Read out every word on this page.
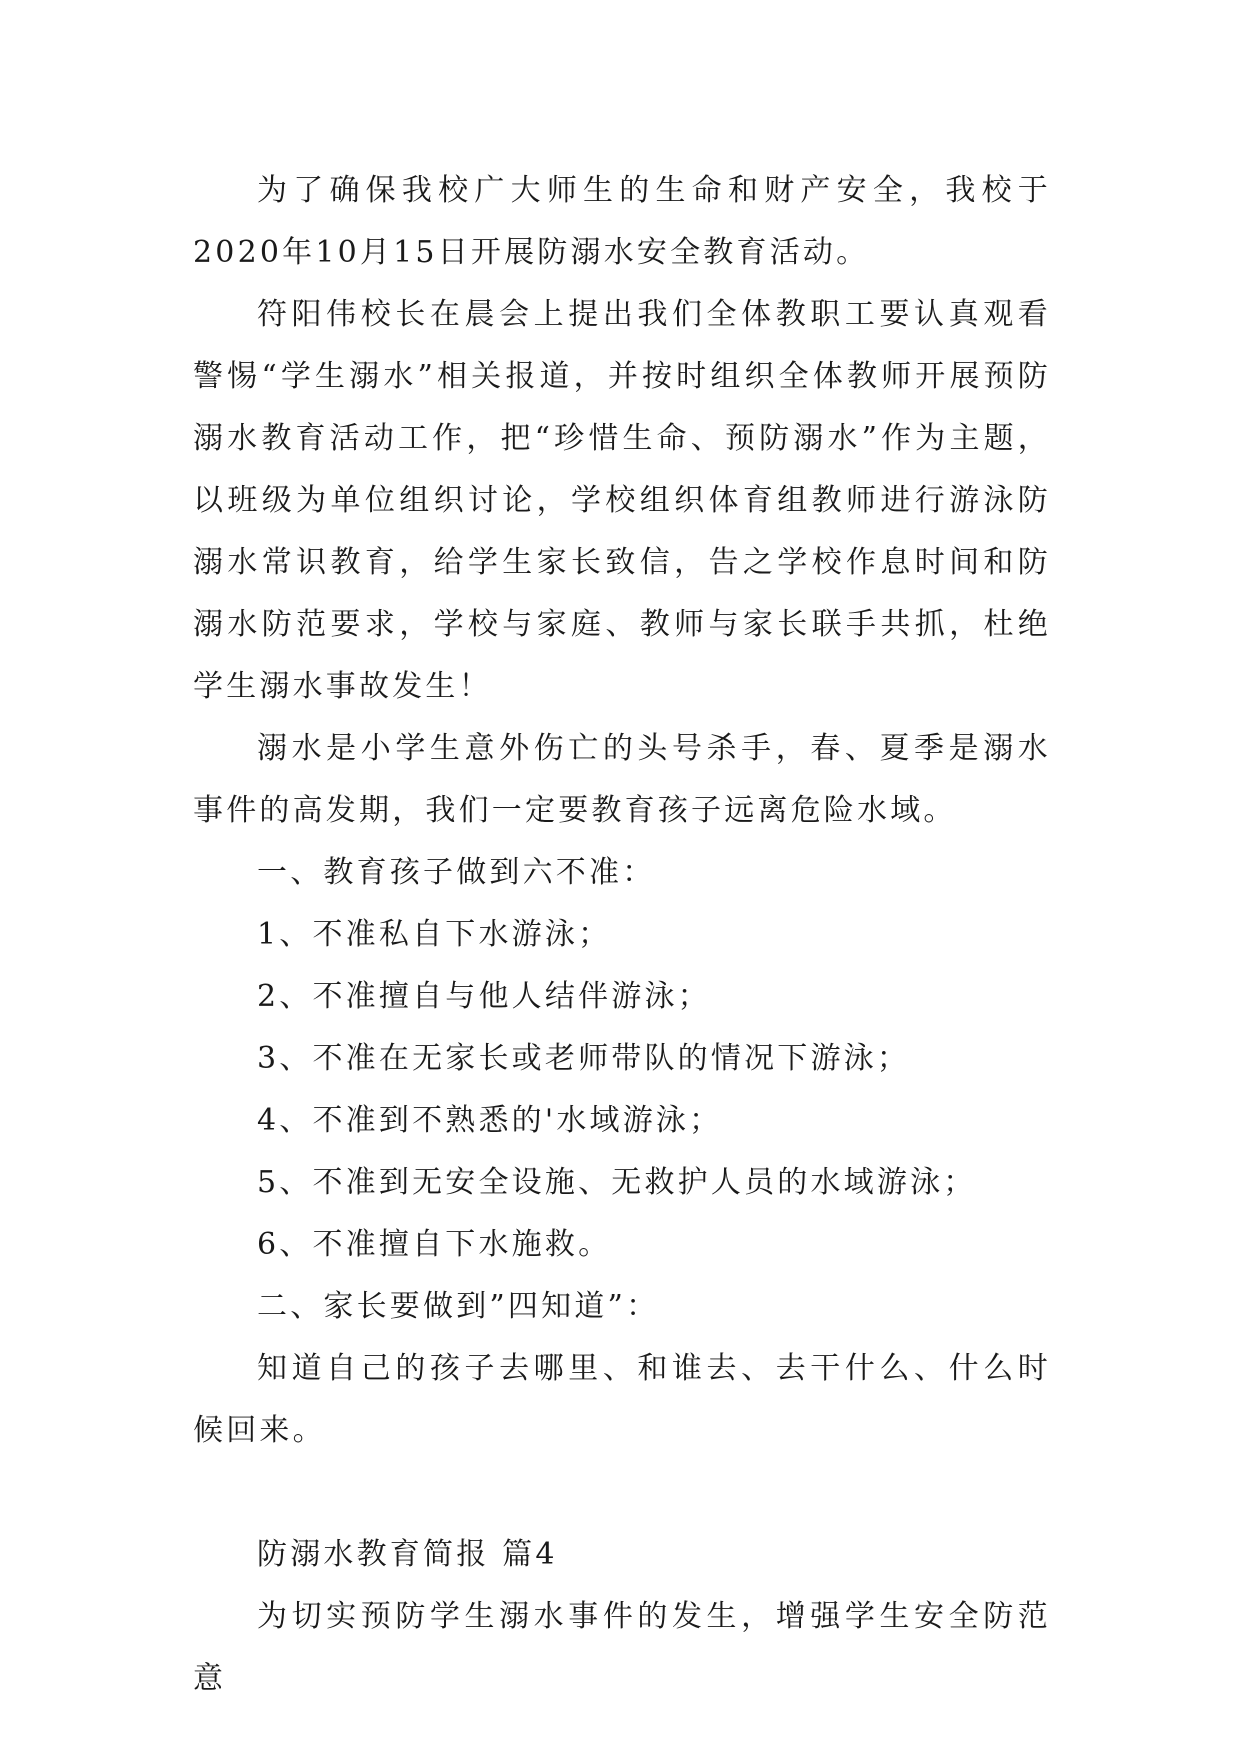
为了确保我校广大师生的生命和财产安全，我校于2020年10月15日开展防溺水安全教育活动。

符阳伟校长在晨会上提出我们全体教职工要认真观看警惕“学生溺水”相关报道，并按时组织全体教师开展预防溺水教育活动工作，把“珍惜生命、预防溺水”作为主题，以班级为单位组织讨论，学校组织体育组教师进行游泳防溺水常识教育，给学生家长致信，告之学校作息时间和防溺水防范要求，学校与家庭、教师与家长联手共抓，杜绝学生溺水事故发生！

溺水是小学生意外伤亡的头号杀手，春、夏季是溺水事件的高发期，我们一定要教育孩子远离危险水域。

一、教育孩子做到六不准：

1、不准私自下水游泳；

2、不准擅自与他人结伴游泳；

3、不准在无家长或老师带队的情况下游泳；

4、不准到不熟悉的'水域游泳；

5、不准到无安全设施、无救护人员的水域游泳；

6、不准擅自下水施救。

二、家长要做到”四知道”：

知道自己的孩子去哪里、和谁去、去干什么、什么时候回来。

防溺水教育简报 篇4

为切实预防学生溺水事件的发生，增强学生安全防范意
